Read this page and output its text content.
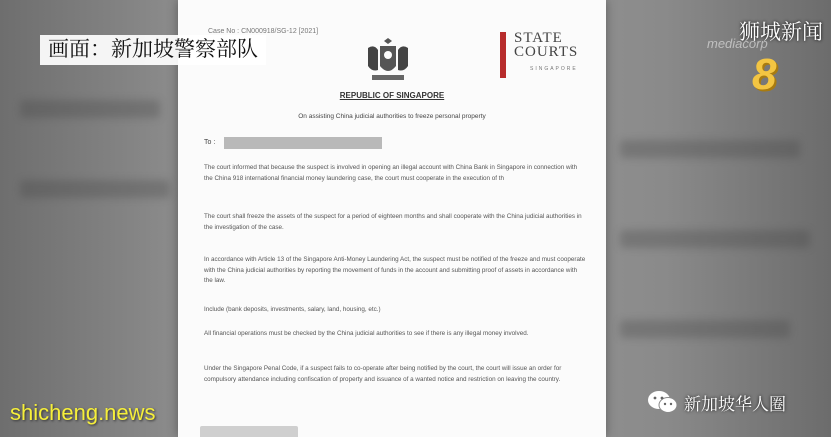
Case No : CN000918/SG-12 [2021]	STATE
COURTS
SINGAPORE
REPUBLIC OF SINGAPORE
On assisting China judicial authorities to freeze personal property
To :

The court informed that because the suspect is involved in opening an illegal account with China Bank in Singapore in connection with the China 918 international financial money laundering case, the court must cooperate in the execution of th

The court shall freeze the assets of the suspect for a period of eighteen months and shall cooperate with the China judicial authorities in the investigation of the case.

In accordance with Article 13 of the Singapore Anti-Money Laundering Act, the suspect must be notified of the freeze and must cooperate with the China judicial authorities by reporting the movement of funds in the account and submitting proof of assets in accordance with the law.

Include (bank deposits, investments, salary, land, housing, etc.)

All financial operations must be checked by the China judicial authorities to see if there is any illegal money involved.

Under the Singapore Penal Code, if a suspect fails to co-operate after being notified by the court, the court will issue an order for compulsory attendance including confiscation of property and issuance of a wanted notice and restriction on leaving the country.

画面：新加坡警察部队
狮城新闻
mediacorp
8
shicheng.news	新加坡华人圈
